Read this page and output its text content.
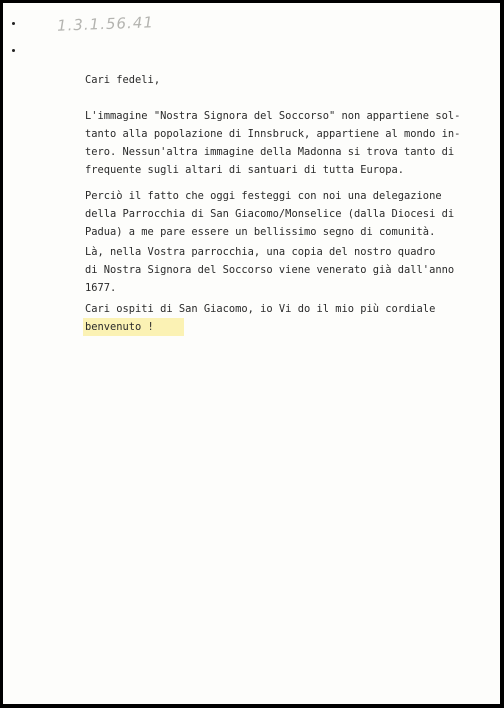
1.3.1.56.41
Cari fedeli,
L'immagine "Nostra Signora del Soccorso" non appartiene sol-
tanto alla popolazione di Innsbruck, appartiene al mondo in-
tero. Nessun'altra immagine della Madonna si trova tanto di
frequente sugli altari di santuari di tutta Europa.
Perciò il fatto che oggi festeggi con noi una delegazione
della Parrocchia di San Giacomo/Monselice (dalla Diocesi di
Padua) a me pare essere un bellissimo segno di comunità.
Là, nella Vostra parrocchia, una copia del nostro quadro
di Nostra Signora del Soccorso viene venerato già dall'anno
1677.
Cari ospiti di San Giacomo, io Vi do il mio più cordiale
benvenuto !
